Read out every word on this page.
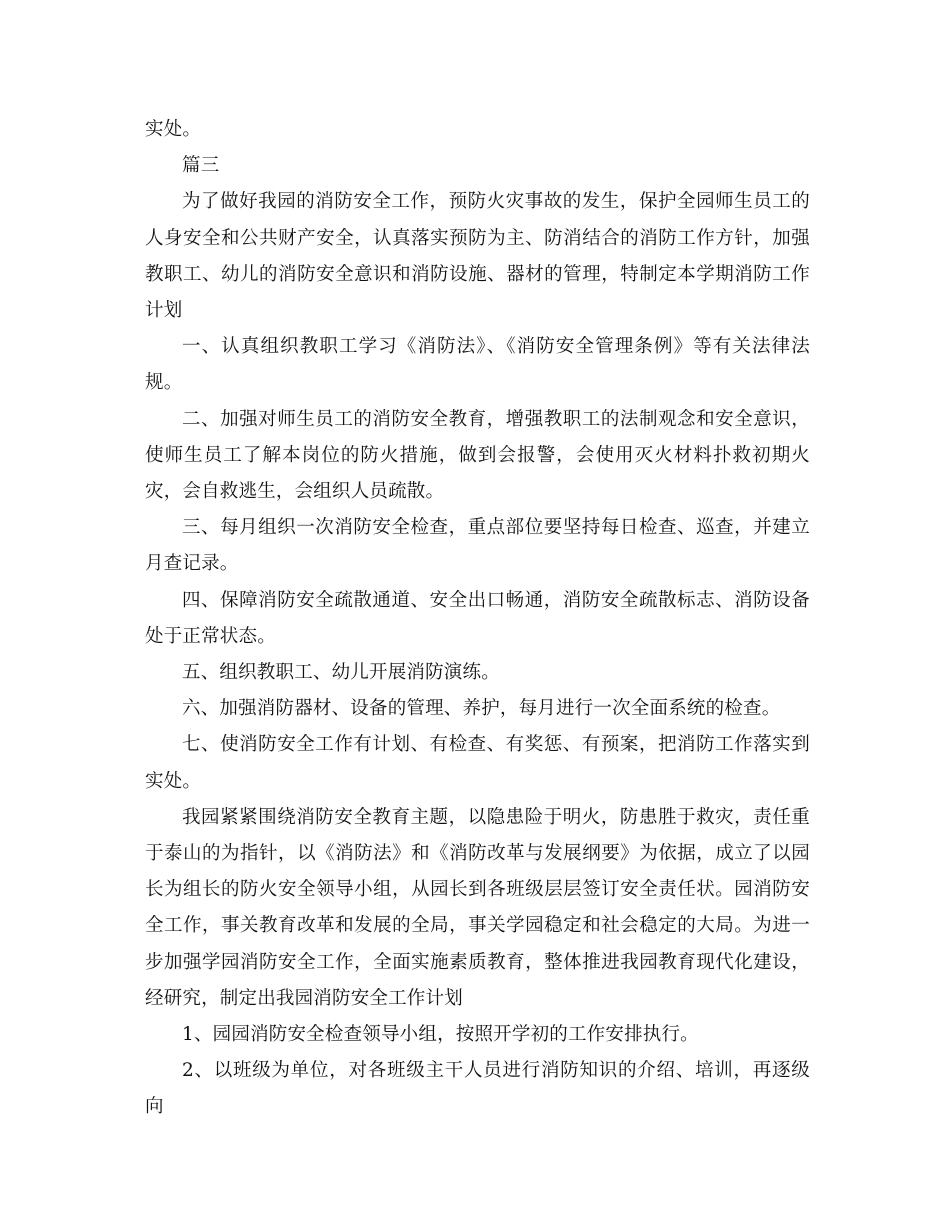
实处。

篇三

为了做好我园的消防安全工作，预防火灾事故的发生，保护全园师生员工的人身安全和公共财产安全，认真落实预防为主、防消结合的消防工作方针，加强教职工、幼儿的消防安全意识和消防设施、器材的管理，特制定本学期消防工作计划

一、认真组织教职工学习《消防法》、《消防安全管理条例》等有关法律法规。

二、加强对师生员工的消防安全教育，增强教职工的法制观念和安全意识，使师生员工了解本岗位的防火措施，做到会报警，会使用灭火材料扑救初期火灾，会自救逃生，会组织人员疏散。

三、每月组织一次消防安全检查，重点部位要坚持每日检查、巡查，并建立月查记录。

四、保障消防安全疏散通道、安全出口畅通，消防安全疏散标志、消防设备处于正常状态。

五、组织教职工、幼儿开展消防演练。

六、加强消防器材、设备的管理、养护，每月进行一次全面系统的检查。

七、使消防安全工作有计划、有检查、有奖惩、有预案，把消防工作落实到实处。

我园紧紧围绕消防安全教育主题，以隐患险于明火，防患胜于救灾，责任重于泰山的为指针，以《消防法》和《消防改革与发展纲要》为依据，成立了以园长为组长的防火安全领导小组，从园长到各班级层层签订安全责任状。园消防安全工作，事关教育改革和发展的全局，事关学园稳定和社会稳定的大局。为进一步加强学园消防安全工作，全面实施素质教育，整体推进我园教育现代化建设，经研究，制定出我园消防安全工作计划

1、园园消防安全检查领导小组，按照开学初的工作安排执行。

2、以班级为单位，对各班级主干人员进行消防知识的介绍、培训，再逐级向
